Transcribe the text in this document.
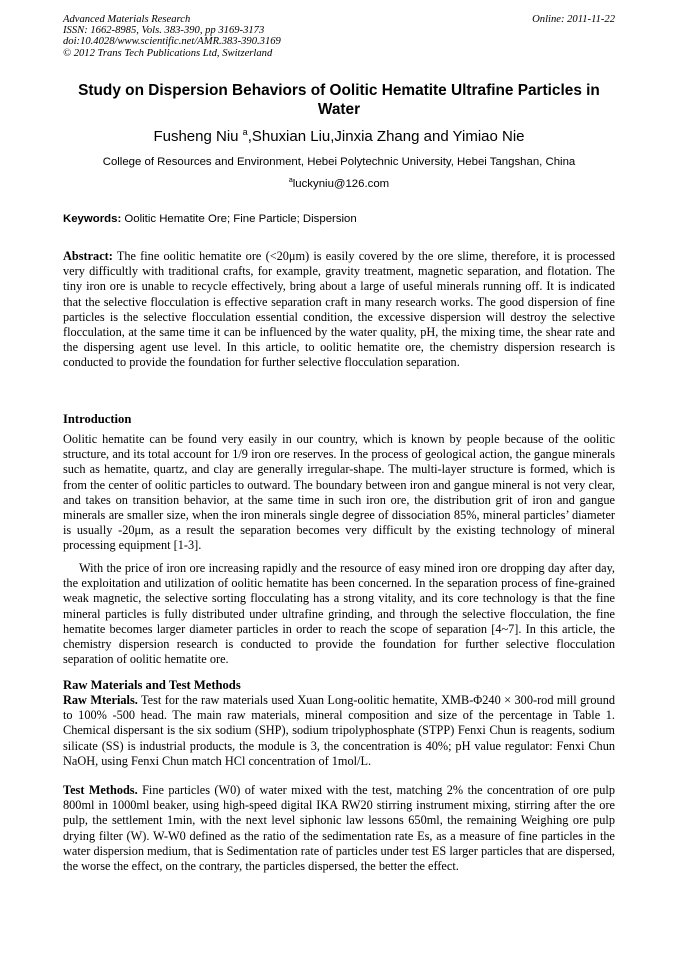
Advanced Materials Research
ISSN: 1662-8985, Vols. 383-390, pp 3169-3173
doi:10.4028/www.scientific.net/AMR.383-390.3169
© 2012 Trans Tech Publications Ltd, Switzerland
Online: 2011-11-22
Study on Dispersion Behaviors of Oolitic Hematite Ultrafine Particles in Water
Fusheng Niu $^a$,Shuxian Liu,Jinxia Zhang and Yimiao Nie
College of Resources and Environment, Hebei Polytechnic University, Hebei Tangshan, China
$^a$luckyniu@126.com
Keywords: Oolitic Hematite Ore; Fine Particle; Dispersion
Abstract: The fine oolitic hematite ore (<20μm) is easily covered by the ore slime, therefore, it is processed very difficultly with traditional crafts, for example, gravity treatment, magnetic separation, and flotation. The tiny iron ore is unable to recycle effectively, bring about a large of useful minerals running off. It is indicated that the selective flocculation is effective separation craft in many research works. The good dispersion of fine particles is the selective flocculation essential condition, the excessive dispersion will destroy the selective flocculation, at the same time it can be influenced by the water quality, pH, the mixing time, the shear rate and the dispersing agent use level. In this article, to oolitic hematite ore, the chemistry dispersion research is conducted to provide the foundation for further selective flocculation separation.
Introduction
Oolitic hematite can be found very easily in our country, which is known by people because of the oolitic structure, and its total account for 1/9 iron ore reserves. In the process of geological action, the gangue minerals such as hematite, quartz, and clay are generally irregular-shape. The multi-layer structure is formed, which is from the center of oolitic particles to outward. The boundary between iron and gangue mineral is not very clear, and takes on transition behavior, at the same time in such iron ore, the distribution grit of iron and gangue minerals are smaller size, when the iron minerals single degree of dissociation 85%, mineral particles’ diameter is usually -20μm, as a result the separation becomes very difficult by the existing technology of mineral processing equipment [1-3].
With the price of iron ore increasing rapidly and the resource of easy mined iron ore dropping day after day, the exploitation and utilization of oolitic hematite has been concerned. In the separation process of fine-grained weak magnetic, the selective sorting flocculating has a strong vitality, and its core technology is that the fine mineral particles is fully distributed under ultrafine grinding, and through the selective flocculation, the fine hematite becomes larger diameter particles in order to reach the scope of separation [4~7]. In this article, the chemistry dispersion research is conducted to provide the foundation for further selective flocculation separation of oolitic hematite ore.
Raw Materials and Test Methods
Raw Mterials. Test for the raw materials used Xuan Long-oolitic hematite, XMB-Φ240 × 300-rod mill ground to 100% -500 head. The main raw materials, mineral composition and size of the percentage in Table 1. Chemical dispersant is the six sodium (SHP), sodium tripolyphosphate (STPP) Fenxi Chun is reagents, sodium silicate (SS) is industrial products, the module is 3, the concentration is 40%; pH value regulator: Fenxi Chun NaOH, using Fenxi Chun match HCl concentration of 1mol/L.
Test Methods. Fine particles (W0) of water mixed with the test, matching 2% the concentration of ore pulp 800ml in 1000ml beaker, using high-speed digital IKA RW20 stirring instrument mixing, stirring after the ore pulp, the settlement 1min, with the next level siphonic law lessons 650ml, the remaining Weighing ore pulp drying filter (W). W-W0 defined as the ratio of the sedimentation rate Es, as a measure of fine particles in the water dispersion medium, that is Sedimentation rate of particles under test ES larger particles that are dispersed, the worse the effect, on the contrary, the particles dispersed, the better the effect.
